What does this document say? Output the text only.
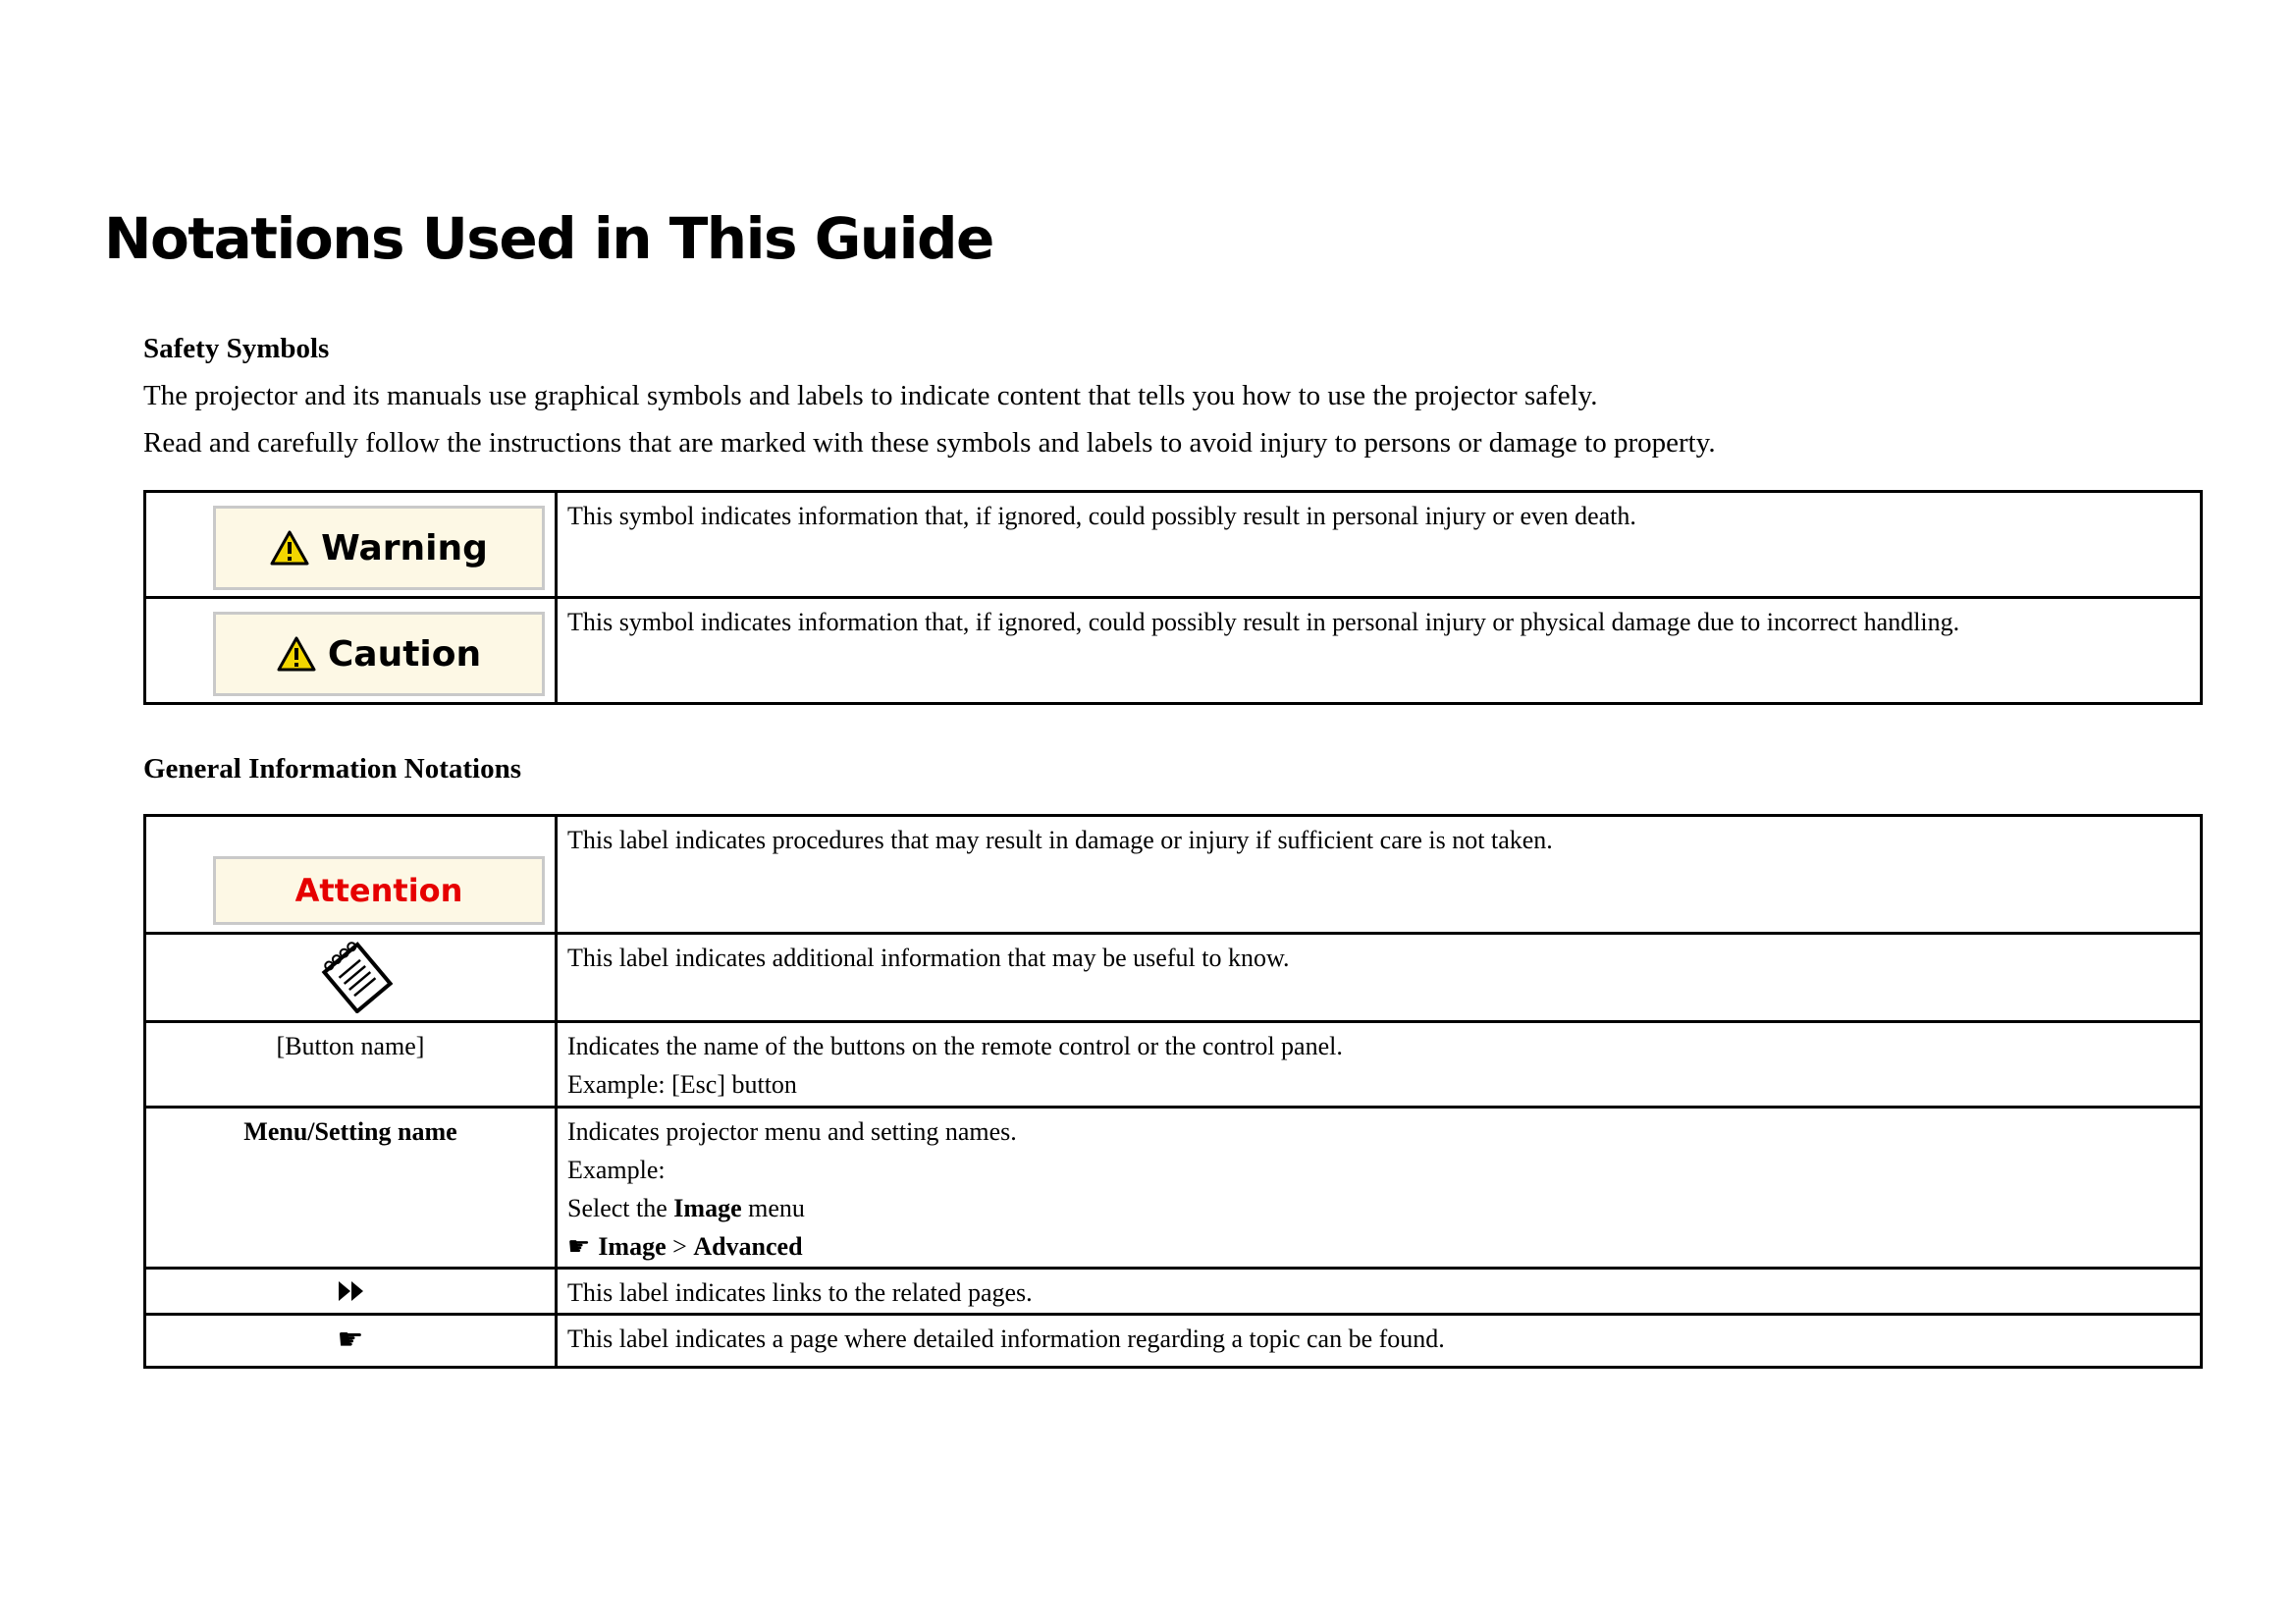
Notations Used in This Guide
Safety Symbols

The projector and its manuals use graphical symbols and labels to indicate content that tells you how to use the projector safely.

Read and carefully follow the instructions that are marked with these symbols and labels to avoid injury to persons or damage to property.

Warning	This symbol indicates information that, if ignored, could possibly result in personal injury or even death.

Caution	This symbol indicates information that, if ignored, could possibly result in personal injury or physical damage due to incorrect handling.
General Information Notations
Attention	This label indicates procedures that may result in damage or injury if sufficient care is not taken.

	This label indicates additional information that may be useful to know.
[Button name]	Indicates the name of the buttons on the remote control or the control panel.
Example: [Esc] button

Menu/Setting name	Indicates projector menu and setting names.
Example:
Select the Image menu
☛ Image > Advanced

	This label indicates links to the related pages.

☛	This label indicates a page where detailed information regarding a topic can be found.
